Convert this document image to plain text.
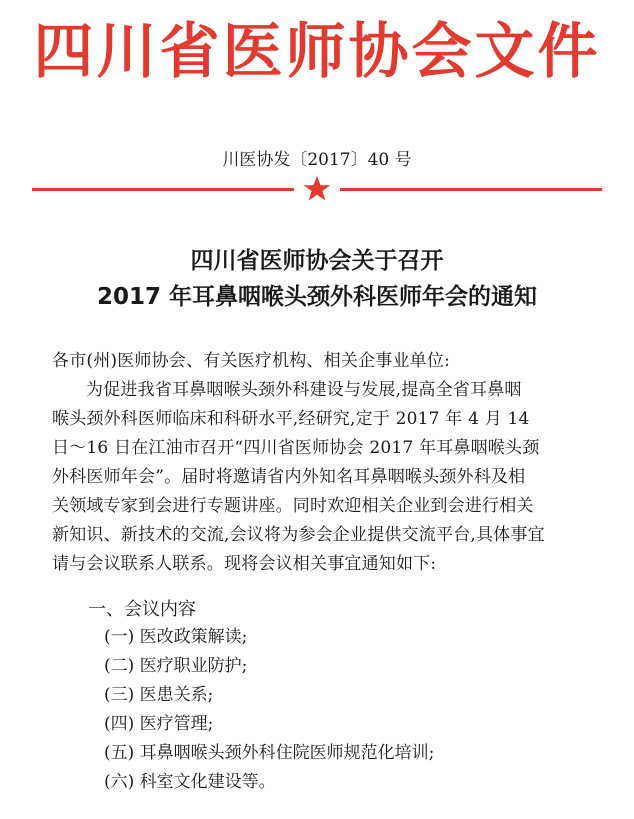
四川省医师协会文件
川医协发〔2017〕40 号
四川省医师协会关于召开
2017 年耳鼻咽喉头颈外科医师年会的通知
各市(州)医师协会、有关医疗机构、相关企事业单位:
为促进我省耳鼻咽喉头颈外科建设与发展,提高全省耳鼻咽
喉头颈外科医师临床和科研水平,经研究,定于 2017 年 4 月 14
日～16 日在江油市召开“四川省医师协会 2017 年耳鼻咽喉头颈
外科医师年会”。届时将邀请省内外知名耳鼻咽喉头颈外科及相
关领域专家到会进行专题讲座。同时欢迎相关企业到会进行相关
新知识、新技术的交流,会议将为参会企业提供交流平台,具体事宜
请与会议联系人联系。现将会议相关事宜通知如下:
一、会议内容
(一) 医改政策解读;
(二) 医疗职业防护;
(三) 医患关系;
(四) 医疗管理;
(五) 耳鼻咽喉头颈外科住院医师规范化培训;
(六) 科室文化建设等。
